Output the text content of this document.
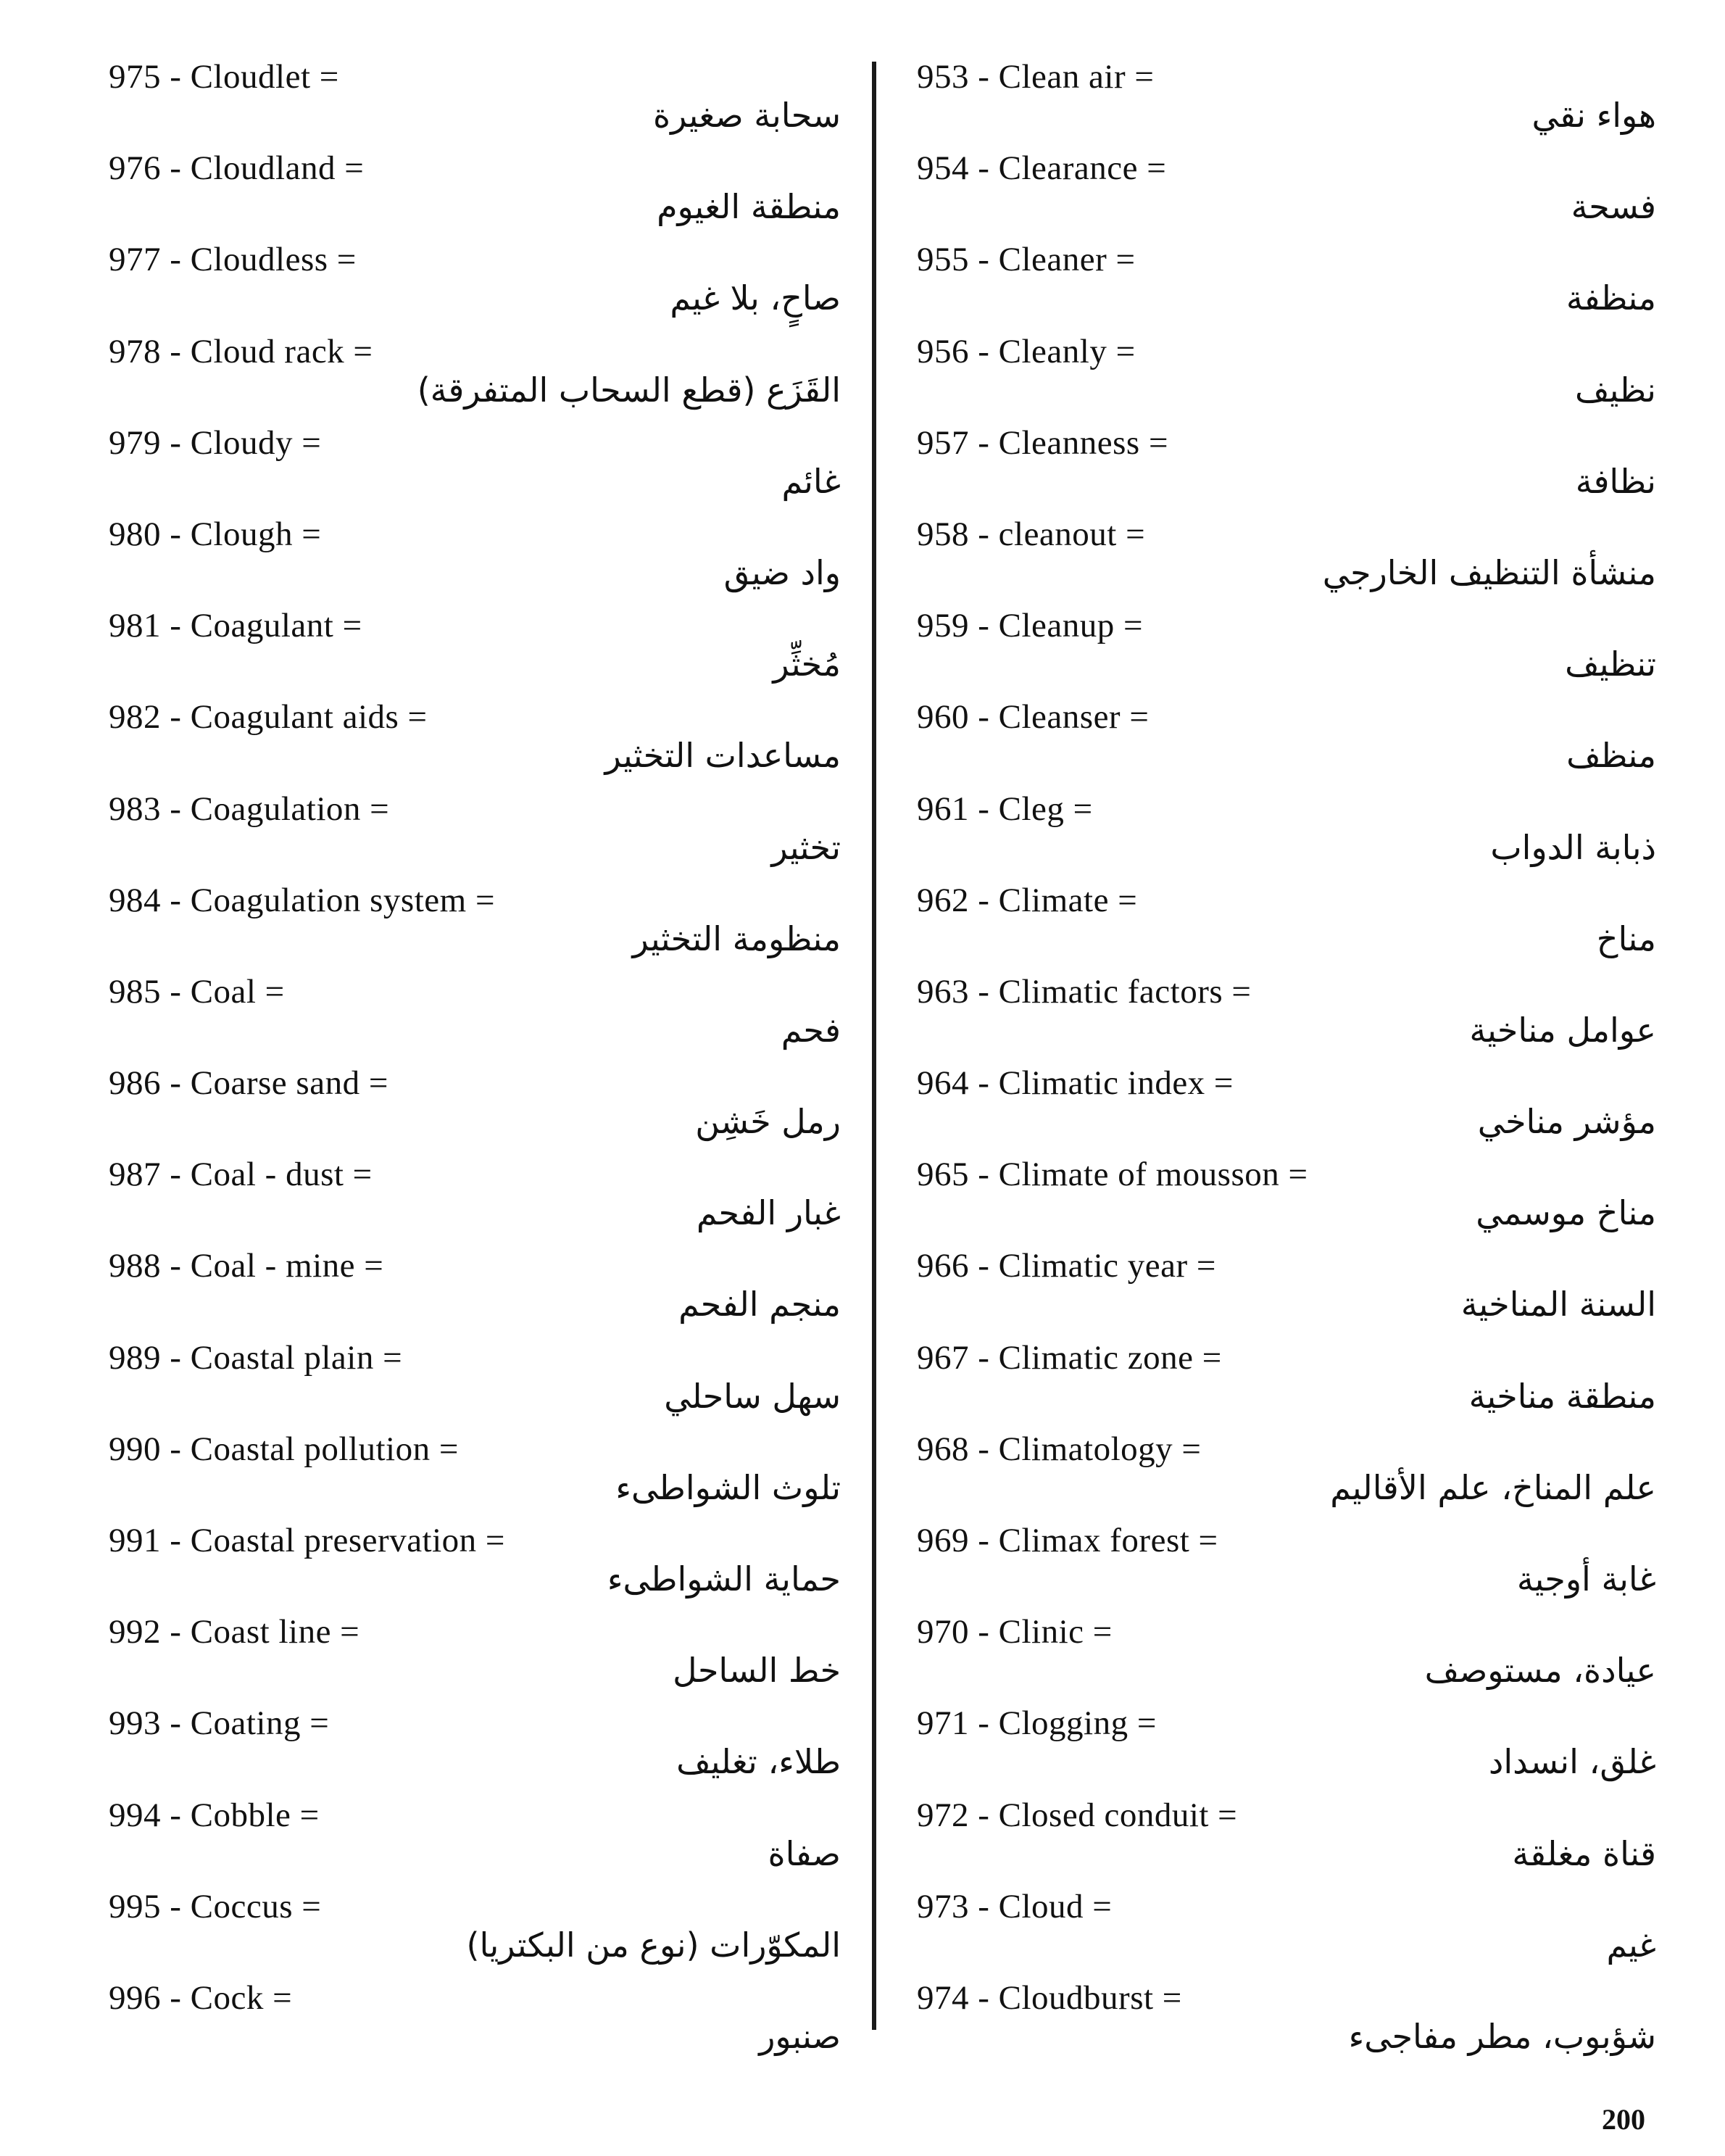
975 - Cloudlet =
سحابة صغيرة
976 - Cloudland =
منطقة الغيوم
977 - Cloudless =
صاحٍ، بلا غيم
978 - Cloud rack =
القَزَع (قطع السحاب المتفرقة)
979 - Cloudy =
غائم
980 - Clough =
واد ضيق
981 - Coagulant =
مُخثِّر
982 - Coagulant aids =
مساعدات التخثير
983 - Coagulation =
تخثير
984 - Coagulation system =
منظومة التخثير
985 - Coal =
فحم
986 - Coarse sand =
رمل خَشِن
987 - Coal - dust =
غبار الفحم
988 - Coal - mine =
منجم الفحم
989 - Coastal plain =
سهل ساحلي
990 - Coastal pollution =
تلوث الشواطىء
991 - Coastal preservation =
حماية الشواطىء
992 - Coast line =
خط الساحل
993 - Coating =
طلاء، تغليف
994 - Cobble =
صفاة
995 - Coccus =
المكوّرات (نوع من البكتريا)
996 - Cock =
صنبور
953 - Clean air =
هواء نقي
954 - Clearance =
فسحة
955 - Cleaner =
منظفة
956 - Cleanly =
نظيف
957 - Cleanness =
نظافة
958 - cleanout =
منشأة التنظيف الخارجي
959 - Cleanup =
تنظيف
960 - Cleanser =
منظف
961 - Cleg =
ذبابة الدواب
962 - Climate =
مناخ
963 - Climatic factors =
عوامل مناخية
964 - Climatic index =
مؤشر مناخي
965 - Climate of mousson =
مناخ موسمي
966 - Climatic year =
السنة المناخية
967 - Climatic zone =
منطقة مناخية
968 - Climatology =
علم المناخ، علم الأقاليم
969 - Climax forest =
غابة أوجية
970 - Clinic =
عيادة، مستوصف
971 - Clogging =
غلق، انسداد
972 - Closed conduit =
قناة مغلقة
973 - Cloud =
غيم
974 - Cloudburst =
شؤبوب، مطر مفاجىء
200
